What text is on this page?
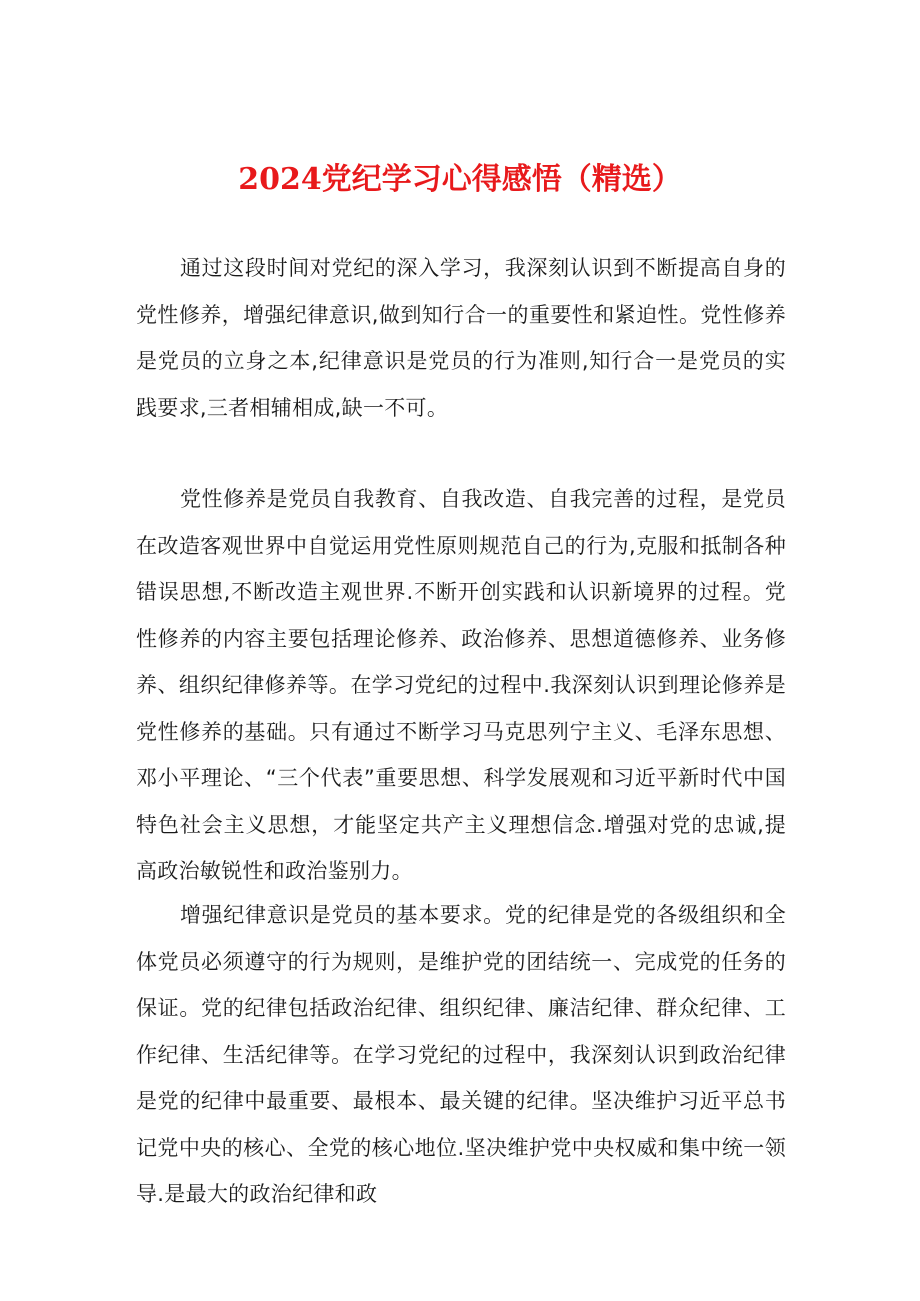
2024党纪学习心得感悟（精选）

通过这段时间对党纪的深入学习，我深刻认识到不断提高自身的党性修养，增强纪律意识,做到知行合一的重要性和紧迫性。党性修养是党员的立身之本,纪律意识是党员的行为准则,知行合一是党员的实践要求,三者相辅相成,缺一不可。

党性修养是党员自我教育、自我改造、自我完善的过程，是党员在改造客观世界中自觉运用党性原则规范自己的行为,克服和抵制各种错误思想,不断改造主观世界.不断开创实践和认识新境界的过程。党性修养的内容主要包括理论修养、政治修养、思想道德修养、业务修养、组织纪律修养等。在学习党纪的过程中.我深刻认识到理论修养是党性修养的基础。只有通过不断学习马克思列宁主义、毛泽东思想、邓小平理论、“三个代表”重要思想、科学发展观和习近平新时代中国特色社会主义思想，才能坚定共产主义理想信念.增强对党的忠诚,提高政治敏锐性和政治鉴别力。

增强纪律意识是党员的基本要求。党的纪律是党的各级组织和全体党员必须遵守的行为规则，是维护党的团结统一、完成党的任务的保证。党的纪律包括政治纪律、组织纪律、廉洁纪律、群众纪律、工作纪律、生活纪律等。在学习党纪的过程中，我深刻认识到政治纪律是党的纪律中最重要、最根本、最关键的纪律。坚决维护习近平总书记党中央的核心、全党的核心地位.坚决维护党中央权威和集中统一领导.是最大的政治纪律和政
